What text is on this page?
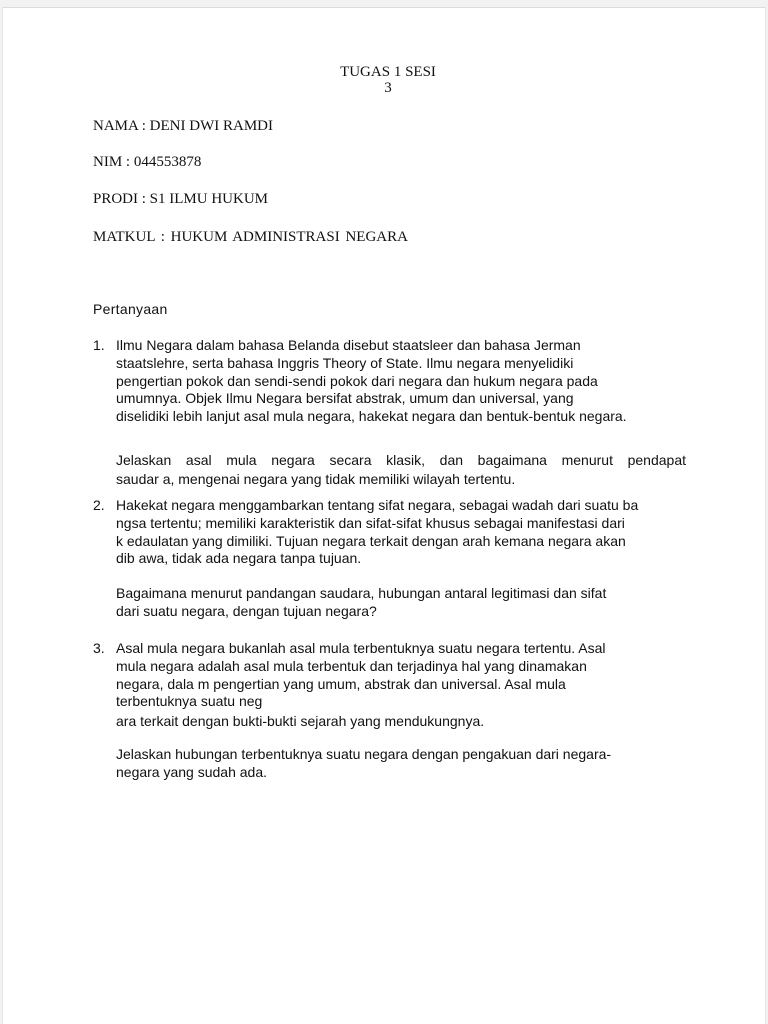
TUGAS 1 SESI
3
NAMA : DENI DWI RAMDI
NIM : 044553878
PRODI : S1 ILMU HUKUM
MATKUL : HUKUM ADMINISTRASI NEGARA
Pertanyaan
1. Ilmu Negara dalam bahasa Belanda disebut staatsleer dan bahasa Jerman
staatslehre, serta bahasa Inggris Theory of State. Ilmu negara menyelidiki
pengertian pokok dan sendi-sendi pokok dari negara dan hukum negara pada
umumnya. Objek Ilmu Negara bersifat abstrak, umum dan universal, yang
diselidiki lebih lanjut asal mula negara, hakekat negara dan bentuk-bentuk negara.
Jelaskan asal mula negara secara klasik, dan bagaimana menurut pendapat
saudar a, mengenai negara yang tidak memiliki wilayah tertentu.
2. Hakekat negara menggambarkan tentang sifat negara, sebagai wadah dari suatu ba
ngsa tertentu; memiliki karakteristik dan sifat-sifat khusus sebagai manifestasi dari
k edaulatan yang dimiliki. Tujuan negara terkait dengan arah kemana negara akan
dib awa, tidak ada negara tanpa tujuan.
Bagaimana menurut pandangan saudara, hubungan antaral legitimasi dan sifat
dari suatu negara, dengan tujuan negara?
3. Asal mula negara bukanlah asal mula terbentuknya suatu negara tertentu. Asal
mula negara adalah asal mula terbentuk dan terjadinya hal yang dinamakan
negara, dala m pengertian yang umum, abstrak dan universal. Asal mula
terbentuknya suatu neg
ara terkait dengan bukti-bukti sejarah yang mendukungnya.
Jelaskan hubungan terbentuknya suatu negara dengan pengakuan dari negara-
negara yang sudah ada.
